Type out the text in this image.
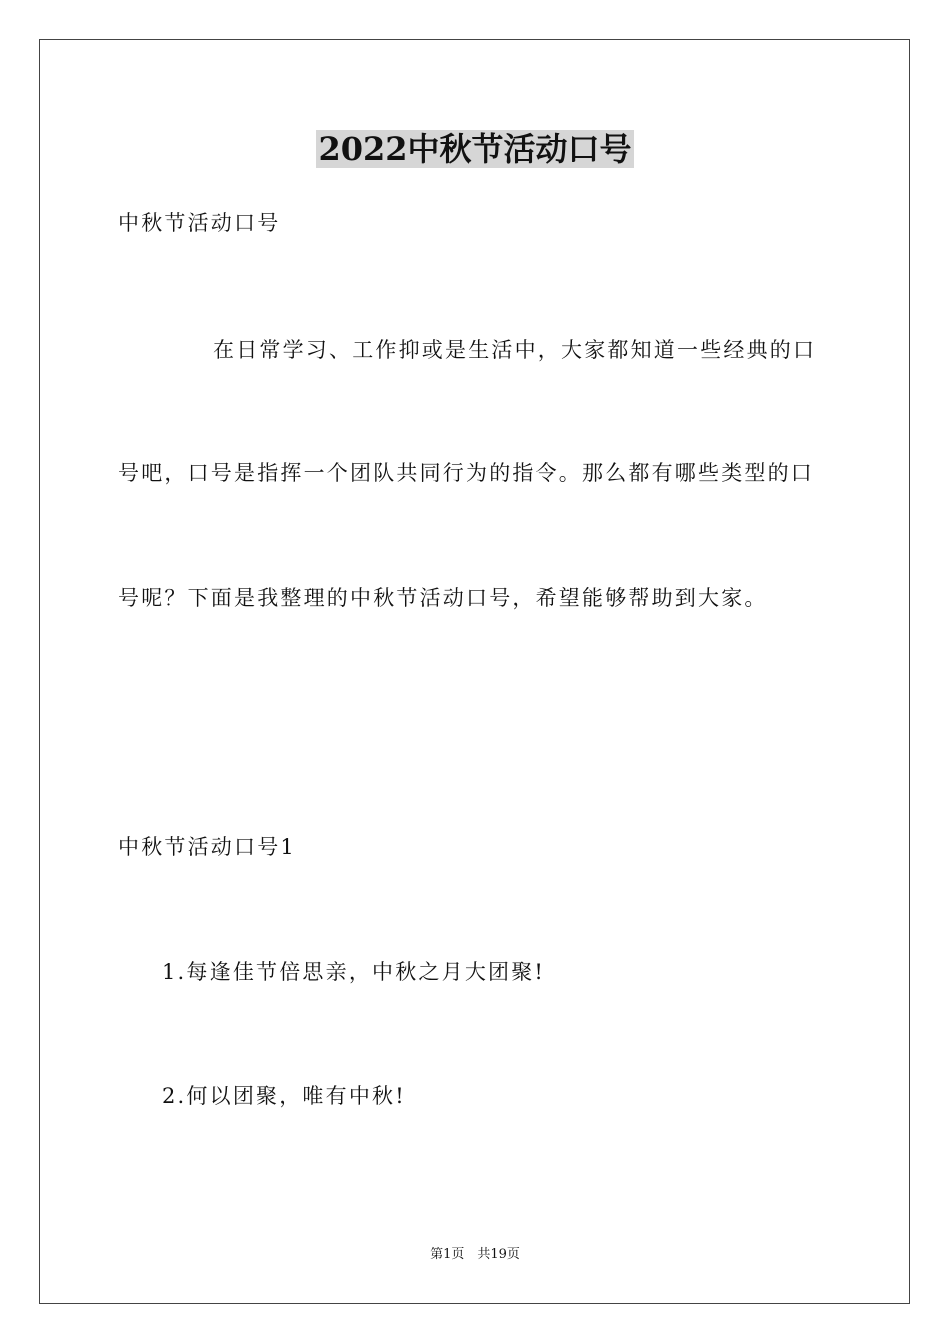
2022中秋节活动口号
中秋节活动口号
在日常学习、工作抑或是生活中，大家都知道一些经典的口
号吧，口号是指挥一个团队共同行为的指令。那么都有哪些类型的口
号呢？下面是我整理的中秋节活动口号，希望能够帮助到大家。
中秋节活动口号1
1.每逢佳节倍思亲，中秋之月大团聚!
2.何以团聚，唯有中秋!
第1页　共19页
